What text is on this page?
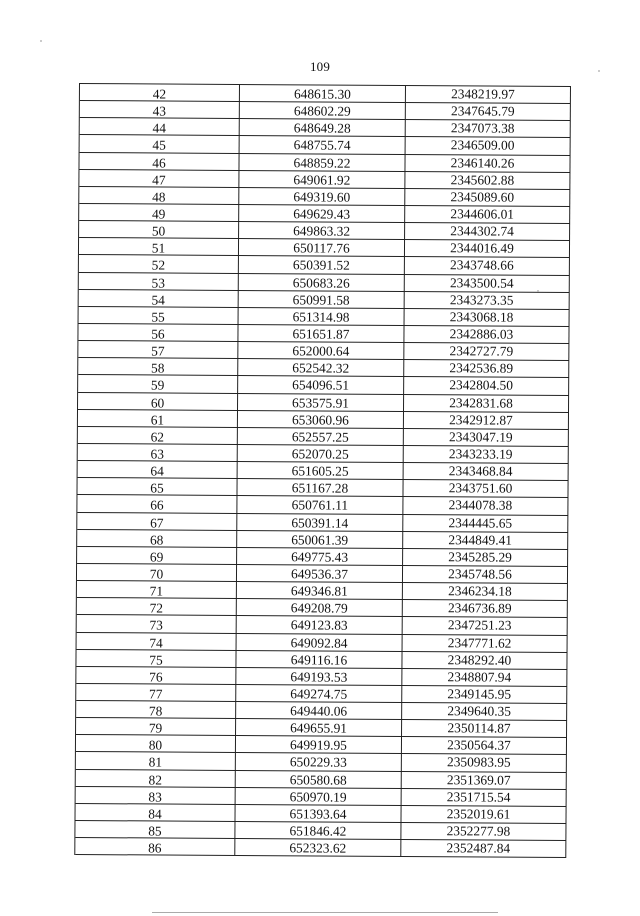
109
42	648615.30	2348219.97
43	648602.29	2347645.79
44	648649.28	2347073.38
45	648755.74	2346509.00
46	648859.22	2346140.26
47	649061.92	2345602.88
48	649319.60	2345089.60
49	649629.43	2344606.01
50	649863.32	2344302.74
51	650117.76	2344016.49
52	650391.52	2343748.66
53	650683.26	2343500.54
54	650991.58	2343273.35
55	651314.98	2343068.18
56	651651.87	2342886.03
57	652000.64	2342727.79
58	652542.32	2342536.89
59	654096.51	2342804.50
60	653575.91	2342831.68
61	653060.96	2342912.87
62	652557.25	2343047.19
63	652070.25	2343233.19
64	651605.25	2343468.84
65	651167.28	2343751.60
66	650761.11	2344078.38
67	650391.14	2344445.65
68	650061.39	2344849.41
69	649775.43	2345285.29
70	649536.37	2345748.56
71	649346.81	2346234.18
72	649208.79	2346736.89
73	649123.83	2347251.23
74	649092.84	2347771.62
75	649116.16	2348292.40
76	649193.53	2348807.94
77	649274.75	2349145.95
78	649440.06	2349640.35
79	649655.91	2350114.87
80	649919.95	2350564.37
81	650229.33	2350983.95
82	650580.68	2351369.07
83	650970.19	2351715.54
84	651393.64	2352019.61
85	651846.42	2352277.98
86	652323.62	2352487.84
